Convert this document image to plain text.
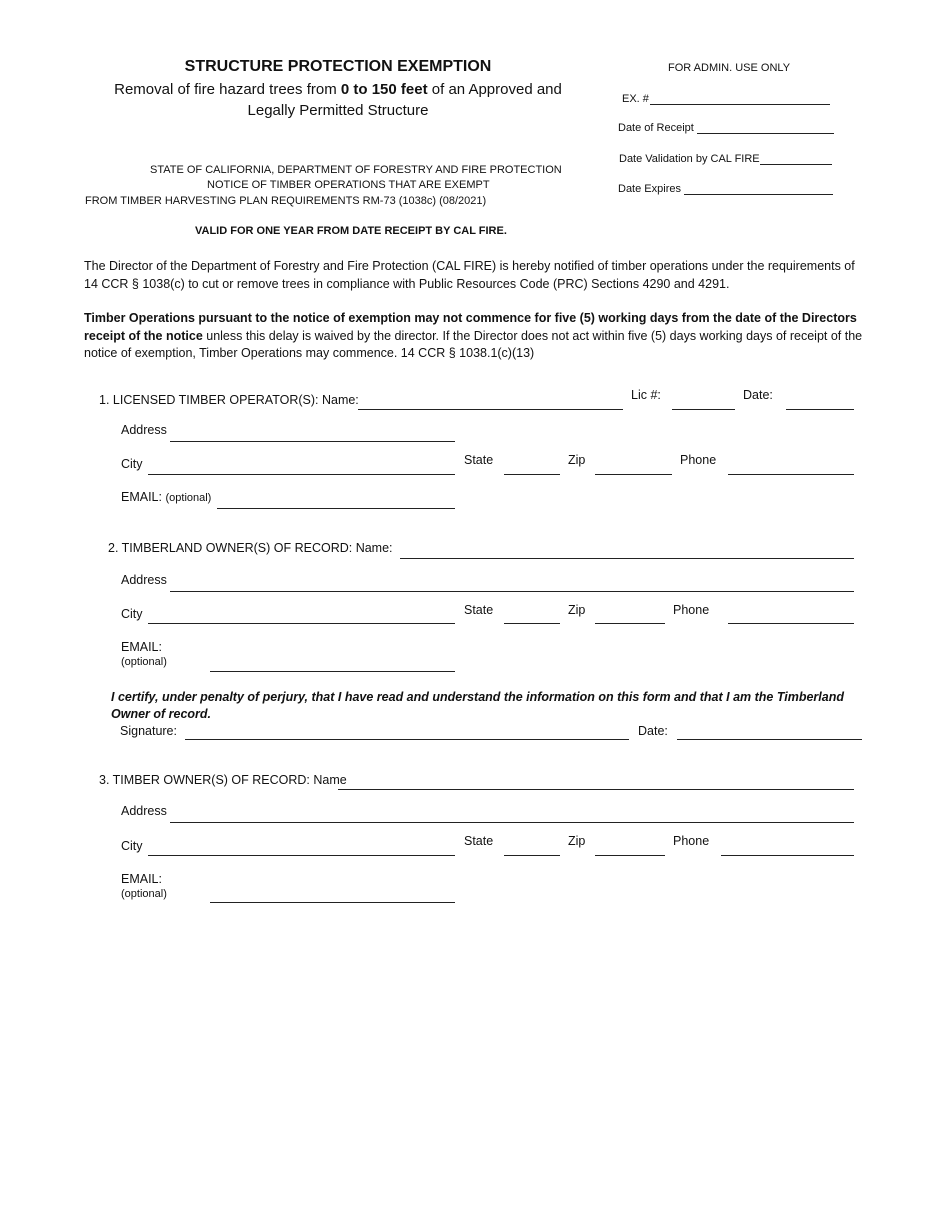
STRUCTURE PROTECTION EXEMPTION
Removal of fire hazard trees from 0 to 150 feet of an Approved and
Legally Permitted Structure
STATE OF CALIFORNIA, DEPARTMENT OF FORESTRY AND FIRE PROTECTION
NOTICE OF TIMBER OPERATIONS THAT ARE EXEMPT
FROM TIMBER HARVESTING PLAN REQUIREMENTS RM-73 (1038c) (08/2021)
VALID FOR ONE YEAR FROM DATE RECEIPT BY CAL FIRE.
FOR ADMIN. USE ONLY
EX. #
Date of Receipt
Date Validation by CAL FIRE
Date Expires
The Director of the Department of Forestry and Fire Protection (CAL FIRE) is hereby notified of timber operations under the requirements of 14 CCR § 1038(c) to cut or remove trees in compliance with Public Resources Code (PRC) Sections 4290 and 4291.
Timber Operations pursuant to the notice of exemption may not commence for five (5) working days from the date of the Directors receipt of the notice unless this delay is waived by the director. If the Director does not act within five (5) days working days of receipt of the notice of exemption, Timber Operations may commence. 14 CCR § 1038.1(c)(13)
1. LICENSED TIMBER OPERATOR(S): Name:	Lic #:	Date:
Address
City	State	Zip	Phone
EMAIL: (optional)
2. TIMBERLAND OWNER(S) OF RECORD: Name:
Address
City	State	Zip	Phone
EMAIL:
(optional)
I certify, under penalty of perjury, that I have read and understand the information on this form and that I am the Timberland
Owner of record.
Signature:	Date:
3. TIMBER OWNER(S) OF RECORD: Name
Address
City	State	Zip	Phone
EMAIL:
(optional)
